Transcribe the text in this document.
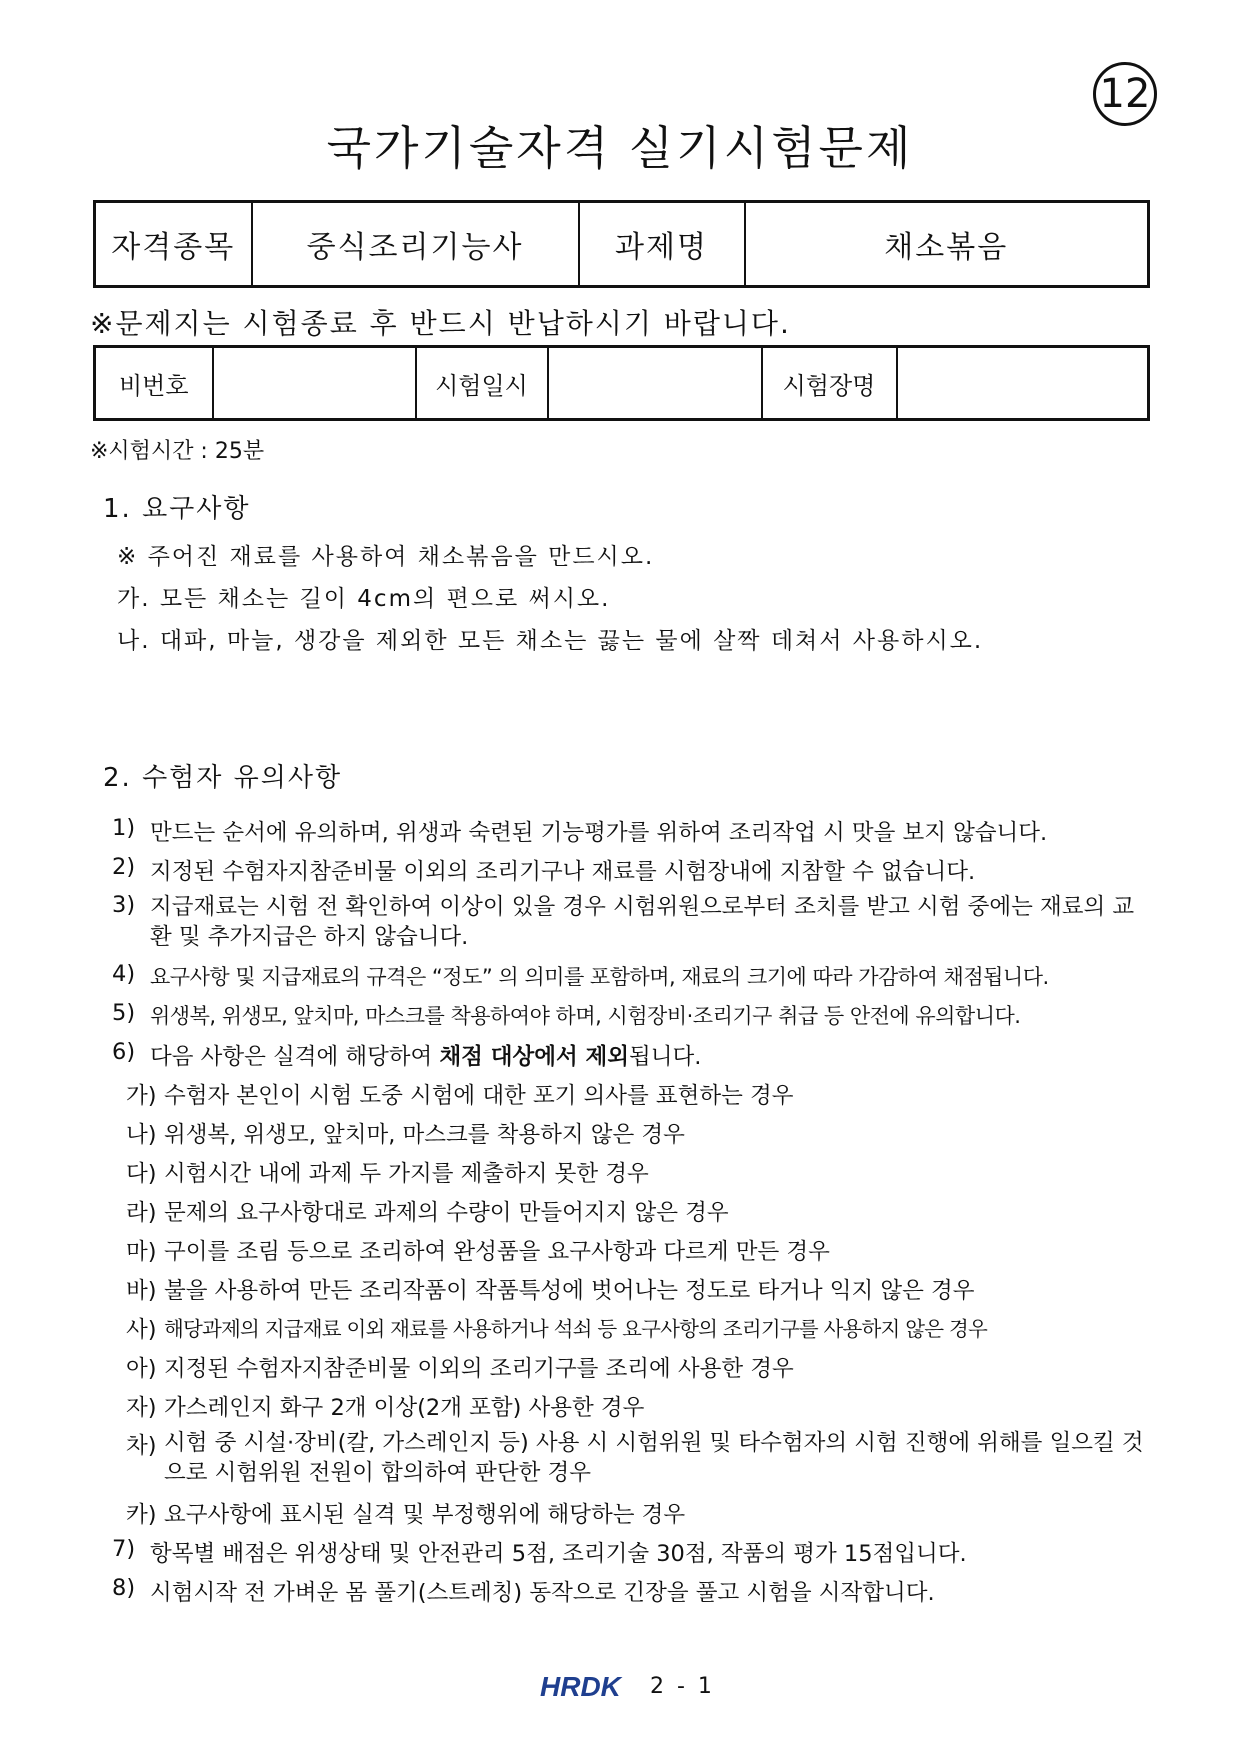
12
국가기술자격 실기시험문제
자격종목	중식조리기능사	과제명	채소볶음
※문제지는 시험종료 후 반드시 반납하시기 바랍니다.
비번호		시험일시		시험장명	
※시험시간 : 25분
1. 요구사항
※ 주어진 재료를 사용하여 채소볶음을 만드시오.
가. 모든 채소는 길이 4cm의 편으로 써시오.
나. 대파, 마늘, 생강을 제외한 모든 채소는 끓는 물에 살짝 데쳐서 사용하시오.
2. 수험자 유의사항
1) 만드는 순서에 유의하며, 위생과 숙련된 기능평가를 위하여 조리작업 시 맛을 보지 않습니다.
2) 지정된 수험자지참준비물 이외의 조리기구나 재료를 시험장내에 지참할 수 없습니다.
3) 지급재료는 시험 전 확인하여 이상이 있을 경우 시험위원으로부터 조치를 받고 시험 중에는 재료의 교환 및 추가지급은 하지 않습니다.
4) 요구사항 및 지급재료의 규격은 “정도” 의 의미를 포함하며, 재료의 크기에 따라 가감하여 채점됩니다.
5) 위생복, 위생모, 앞치마, 마스크를 착용하여야 하며, 시험장비·조리기구 취급 등 안전에 유의합니다.
6) 다음 사항은 실격에 해당하여 채점 대상에서 제외됩니다.
가) 수험자 본인이 시험 도중 시험에 대한 포기 의사를 표현하는 경우
나) 위생복, 위생모, 앞치마, 마스크를 착용하지 않은 경우
다) 시험시간 내에 과제 두 가지를 제출하지 못한 경우
라) 문제의 요구사항대로 과제의 수량이 만들어지지 않은 경우
마) 구이를 조림 등으로 조리하여 완성품을 요구사항과 다르게 만든 경우
바) 불을 사용하여 만든 조리작품이 작품특성에 벗어나는 정도로 타거나 익지 않은 경우
사) 해당과제의 지급재료 이외 재료를 사용하거나 석쇠 등 요구사항의 조리기구를 사용하지 않은 경우
아) 지정된 수험자지참준비물 이외의 조리기구를 조리에 사용한 경우
자) 가스레인지 화구 2개 이상(2개 포함) 사용한 경우
차) 시험 중 시설·장비(칼, 가스레인지 등) 사용 시 시험위원 및 타수험자의 시험 진행에 위해를 일으킬 것으로 시험위원 전원이 합의하여 판단한 경우
카) 요구사항에 표시된 실격 및 부정행위에 해당하는 경우
7) 항목별 배점은 위생상태 및 안전관리 5점, 조리기술 30점, 작품의 평가 15점입니다.
8) 시험시작 전 가벼운 몸 풀기(스트레칭) 동작으로 긴장을 풀고 시험을 시작합니다.
HRDK 2 - 1
